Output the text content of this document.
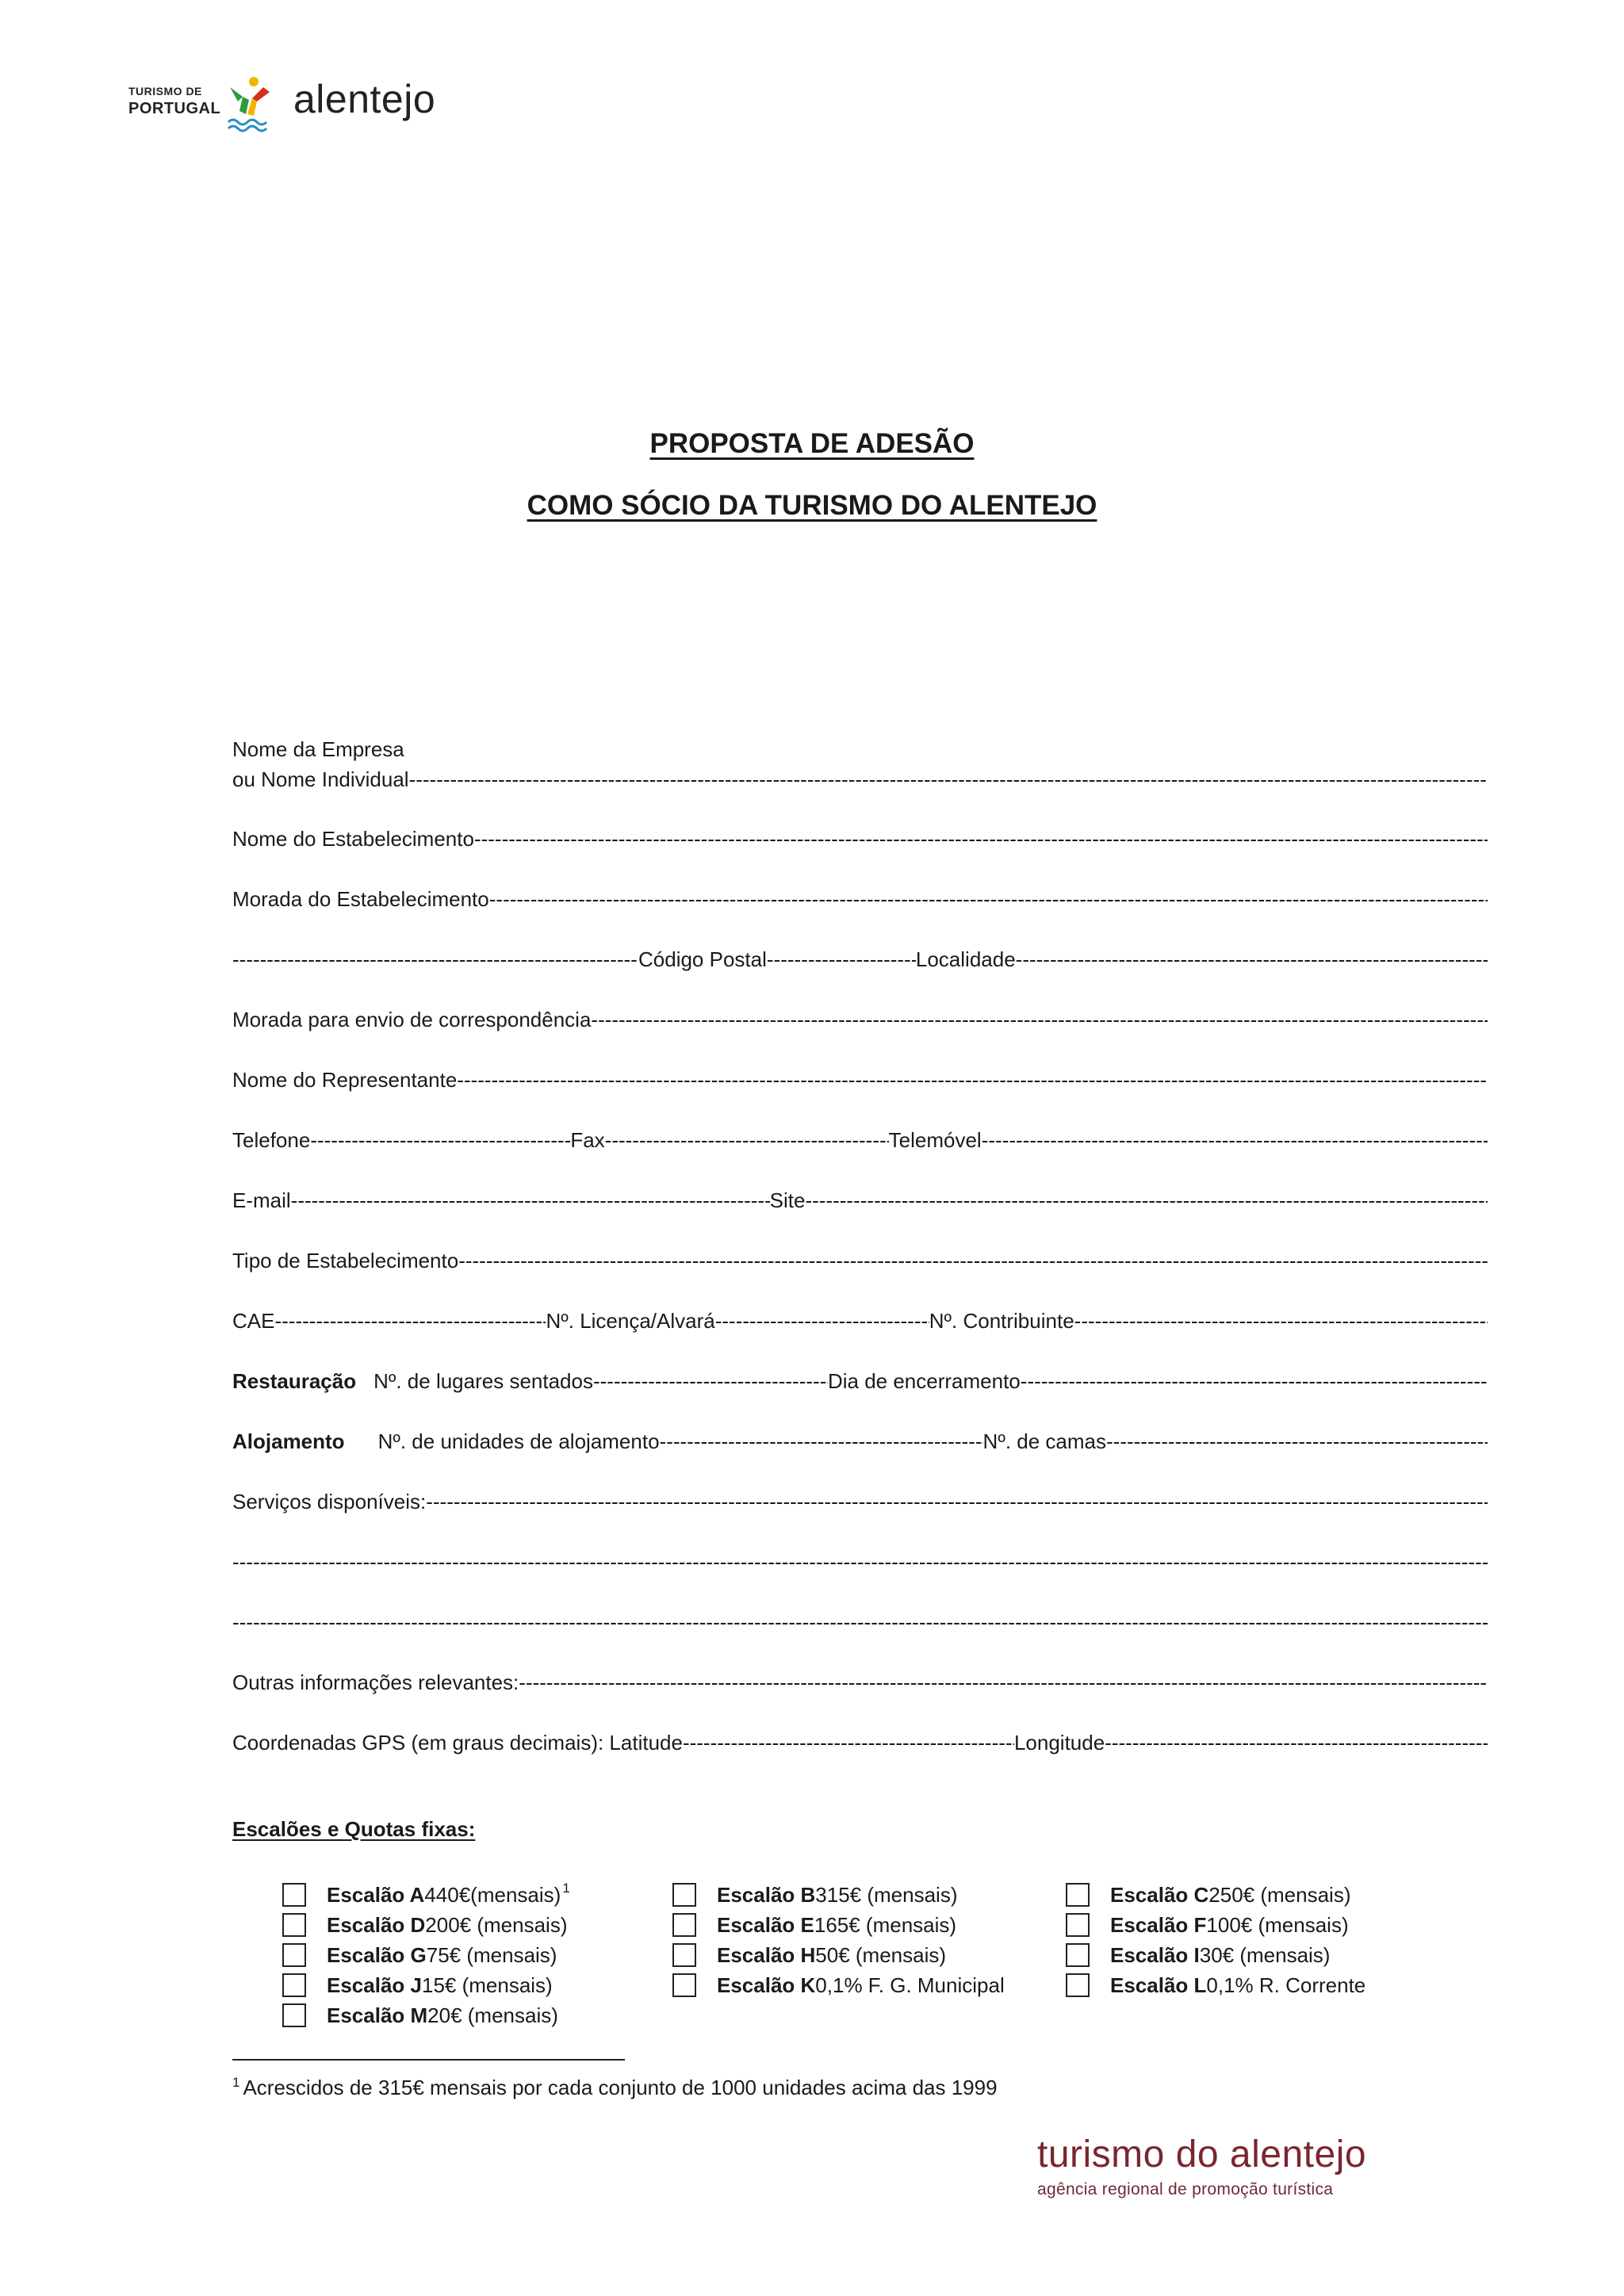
TURISMO DE
PORTUGAL alentejo
PROPOSTA DE ADESÃO
COMO SÓCIO DA TURISMO DO ALENTEJO
Nome da Empresa
ou Nome Individual
-----
Nome do Estabelecimento
-----
Morada do Estabelecimento
-----
-----
Código Postal -----	Localidade
-----
Morada para envio de correspondência
-----
Nome do Representante
-----
Telefone -----	Fax -----	Telemóvel
-----
E-mail -----	Site
-----
Tipo de Estabelecimento
-----
CAE -----	Nº. Licença/Alvará -----	Nº. Contribuinte
-----
Restauração Nº. de lugares sentados -----	Dia de encerramento
-----
Alojamento Nº. de unidades de alojamento -----	Nº. de camas
-----
Serviços disponíveis:
-----
-----
-----
Outras informações relevantes:
-----
Coordenadas GPS (em graus decimais): Latitude -----	Longitude
-----
Escalões e Quotas fixas:
Escalão A 440€(mensais)$^1$	Escalão B 315€ (mensais)	Escalão C 250€ (mensais)
Escalão D 200€ (mensais)	Escalão E 165€ (mensais)	Escalão F 100€ (mensais)
Escalão G 75€ (mensais)	Escalão H 50€ (mensais)	Escalão I 30€ (mensais)
Escalão J 15€ (mensais)	Escalão K 0,1% F. G. Municipal	Escalão L 0,1% R. Corrente
Escalão M 20€ (mensais)
$^1$ Acrescidos de 315€ mensais por cada conjunto de 1000 unidades acima das 1999
turismo do alentejo
agência regional de promoção turística
